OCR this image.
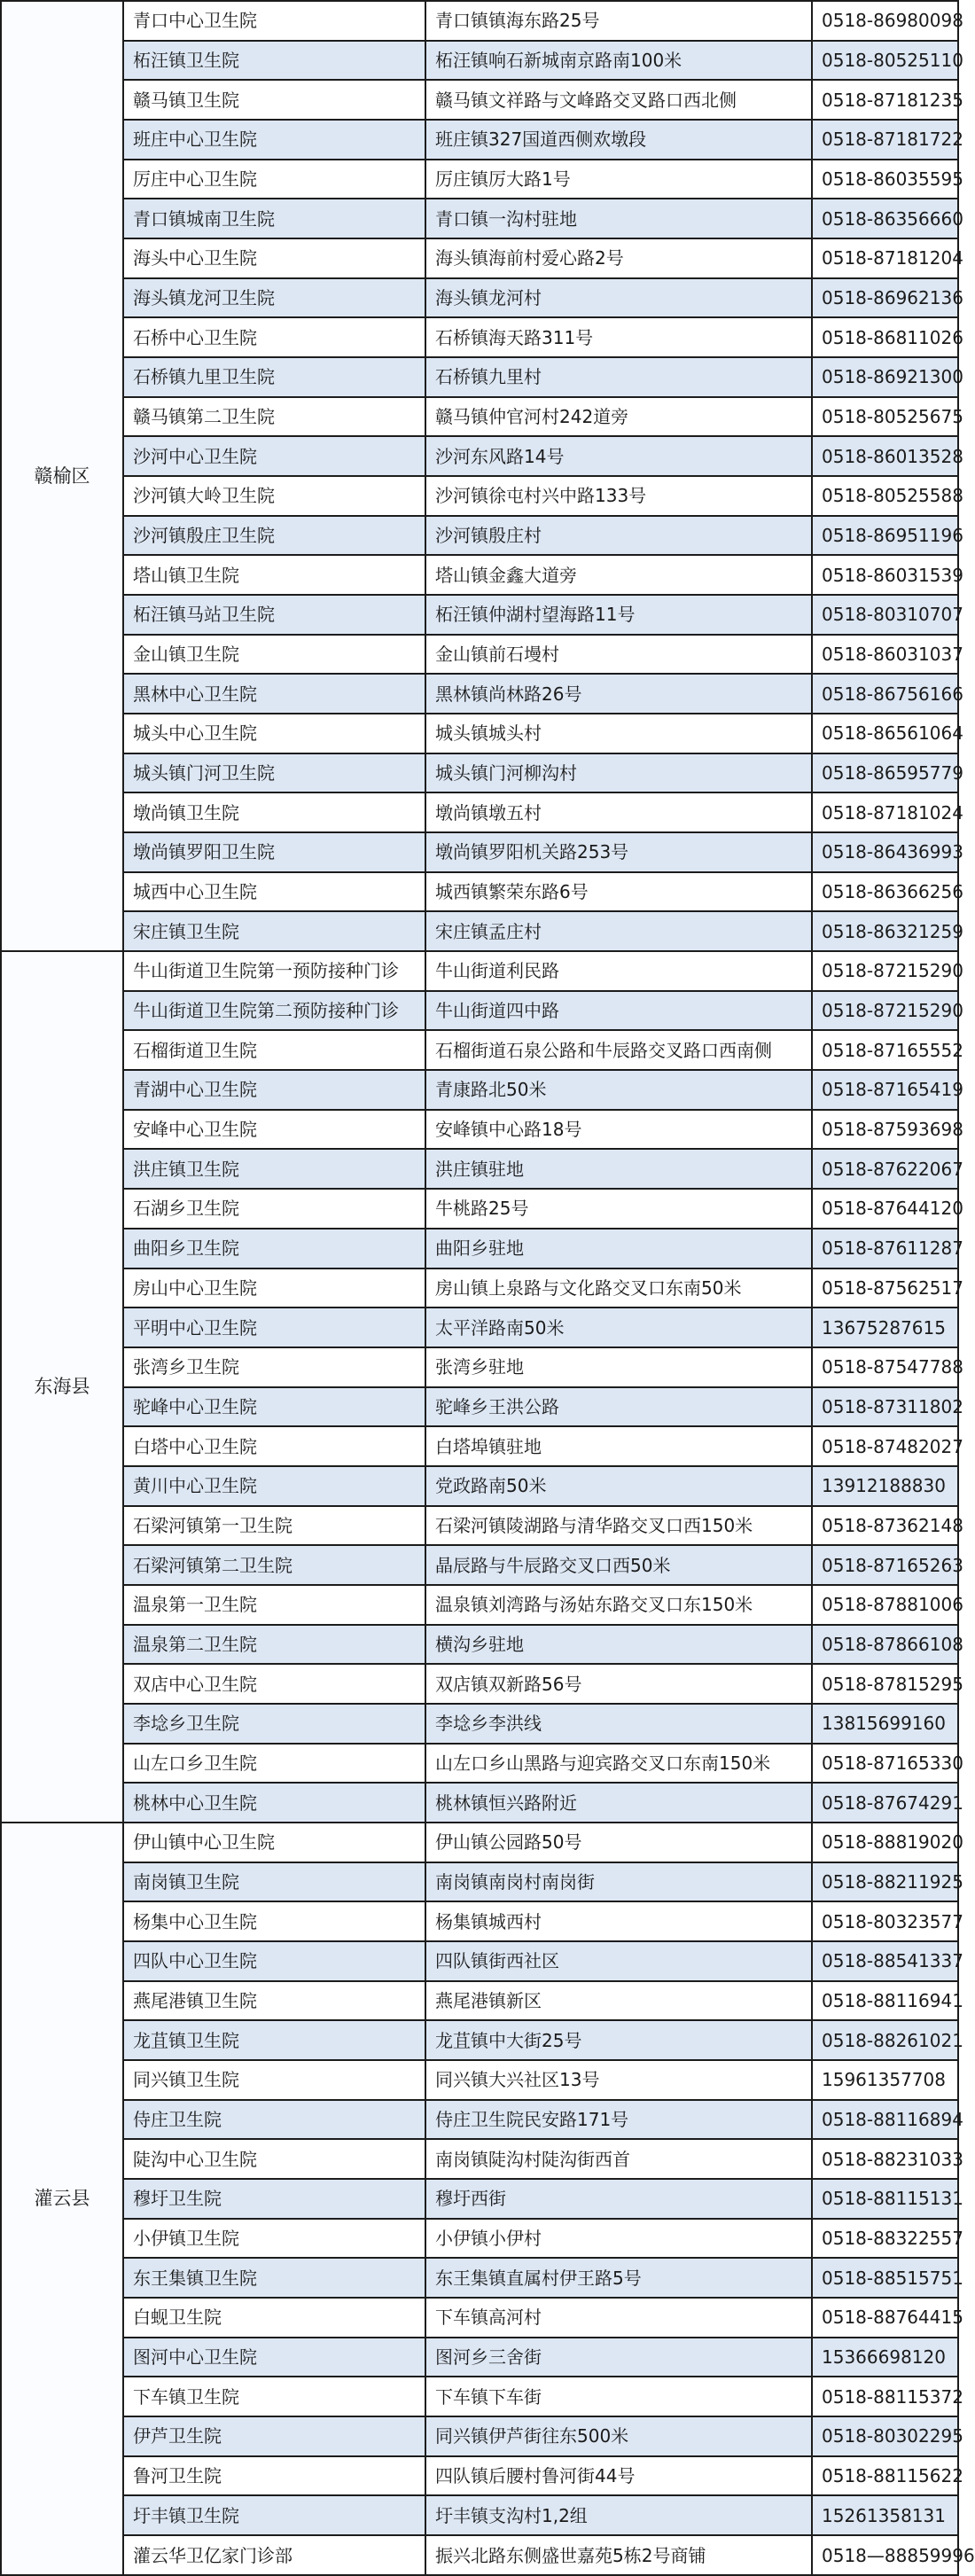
赣榆区	青口中心卫生院	青口镇镇海东路25号	0518-86980098
	柘汪镇卫生院	柘汪镇响石新城南京路南100米	0518-80525110
	赣马镇卫生院	赣马镇文祥路与文峰路交叉路口西北侧	0518-87181235
	班庄中心卫生院	班庄镇327国道西侧欢墩段	0518-87181722
	厉庄中心卫生院	厉庄镇厉大路1号	0518-86035595
	青口镇城南卫生院	青口镇一沟村驻地	0518-86356660
	海头中心卫生院	海头镇海前村爱心路2号	0518-87181204
	海头镇龙河卫生院	海头镇龙河村	0518-86962136
	石桥中心卫生院	石桥镇海天路311号	0518-86811026
	石桥镇九里卫生院	石桥镇九里村	0518-86921300
	赣马镇第二卫生院	赣马镇仲官河村242道旁	0518-80525675
	沙河中心卫生院	沙河东风路14号	0518-86013528
	沙河镇大岭卫生院	沙河镇徐屯村兴中路133号	0518-80525588
	沙河镇殷庄卫生院	沙河镇殷庄村	0518-86951196
	塔山镇卫生院	塔山镇金鑫大道旁	0518-86031539
	柘汪镇马站卫生院	柘汪镇仲湖村望海路11号	0518-80310707
	金山镇卫生院	金山镇前石墁村	0518-86031037
	黑林中心卫生院	黑林镇尚林路26号	0518-86756166
	城头中心卫生院	城头镇城头村	0518-86561064
	城头镇门河卫生院	城头镇门河柳沟村	0518-86595779
	墩尚镇卫生院	墩尚镇墩五村	0518-87181024
	墩尚镇罗阳卫生院	墩尚镇罗阳机关路253号	0518-86436993
	城西中心卫生院	城西镇繁荣东路6号	0518-86366256
	宋庄镇卫生院	宋庄镇孟庄村	0518-86321259
东海县	牛山街道卫生院第一预防接种门诊	牛山街道利民路	0518-87215290
	牛山街道卫生院第二预防接种门诊	牛山街道四中路	0518-87215290
	石榴街道卫生院	石榴街道石泉公路和牛辰路交叉路口西南侧	0518-87165552
	青湖中心卫生院	青康路北50米	0518-87165419
	安峰中心卫生院	安峰镇中心路18号	0518-87593698
	洪庄镇卫生院	洪庄镇驻地	0518-87622067
	石湖乡卫生院	牛桃路25号	0518-87644120
	曲阳乡卫生院	曲阳乡驻地	0518-87611287
	房山中心卫生院	房山镇上泉路与文化路交叉口东南50米	0518-87562517
	平明中心卫生院	太平洋路南50米	13675287615
	张湾乡卫生院	张湾乡驻地	0518-87547788
	驼峰中心卫生院	驼峰乡王洪公路	0518-87311802
	白塔中心卫生院	白塔埠镇驻地	0518-87482027
	黄川中心卫生院	党政路南50米	13912188830
	石梁河镇第一卫生院	石梁河镇陵湖路与清华路交叉口西150米	0518-87362148
	石梁河镇第二卫生院	晶辰路与牛辰路交叉口西50米	0518-87165263
	温泉第一卫生院	温泉镇刘湾路与汤姑东路交叉口东150米	0518-87881006
	温泉第二卫生院	横沟乡驻地	0518-87866108
	双店中心卫生院	双店镇双新路56号	0518-87815295
	李埝乡卫生院	李埝乡李洪线	13815699160
	山左口乡卫生院	山左口乡山黑路与迎宾路交叉口东南150米	0518-87165330
	桃林中心卫生院	桃林镇恒兴路附近	0518-87674291
灌云县	伊山镇中心卫生院	伊山镇公园路50号	0518-88819020
	南岗镇卫生院	南岗镇南岗村南岗街	0518-88211925
	杨集中心卫生院	杨集镇城西村	0518-80323577
	四队中心卫生院	四队镇街西社区	0518-88541337
	燕尾港镇卫生院	燕尾港镇新区	0518-88116941
	龙苴镇卫生院	龙苴镇中大街25号	0518-88261021
	同兴镇卫生院	同兴镇大兴社区13号	15961357708
	侍庄卫生院	侍庄卫生院民安路171号	0518-88116894
	陡沟中心卫生院	南岗镇陡沟村陡沟街西首	0518-88231033
	穆圩卫生院	穆圩西街	0518-88115131
	小伊镇卫生院	小伊镇小伊村	0518-88322557
	东王集镇卫生院	东王集镇直属村伊王路5号	0518-88515751
	白蚬卫生院	下车镇高河村	0518-88764415
	图河中心卫生院	图河乡三舍街	15366698120
	下车镇卫生院	下车镇下车街	0518-88115372
	伊芦卫生院	同兴镇伊芦街往东500米	0518-80302295
	鲁河卫生院	四队镇后腰村鲁河街44号	0518-88115622
	圩丰镇卫生院	圩丰镇支沟村1,2组	15261358131
	灌云华卫亿家门诊部	振兴北路东侧盛世嘉苑5栋2号商铺	0518—88859996
